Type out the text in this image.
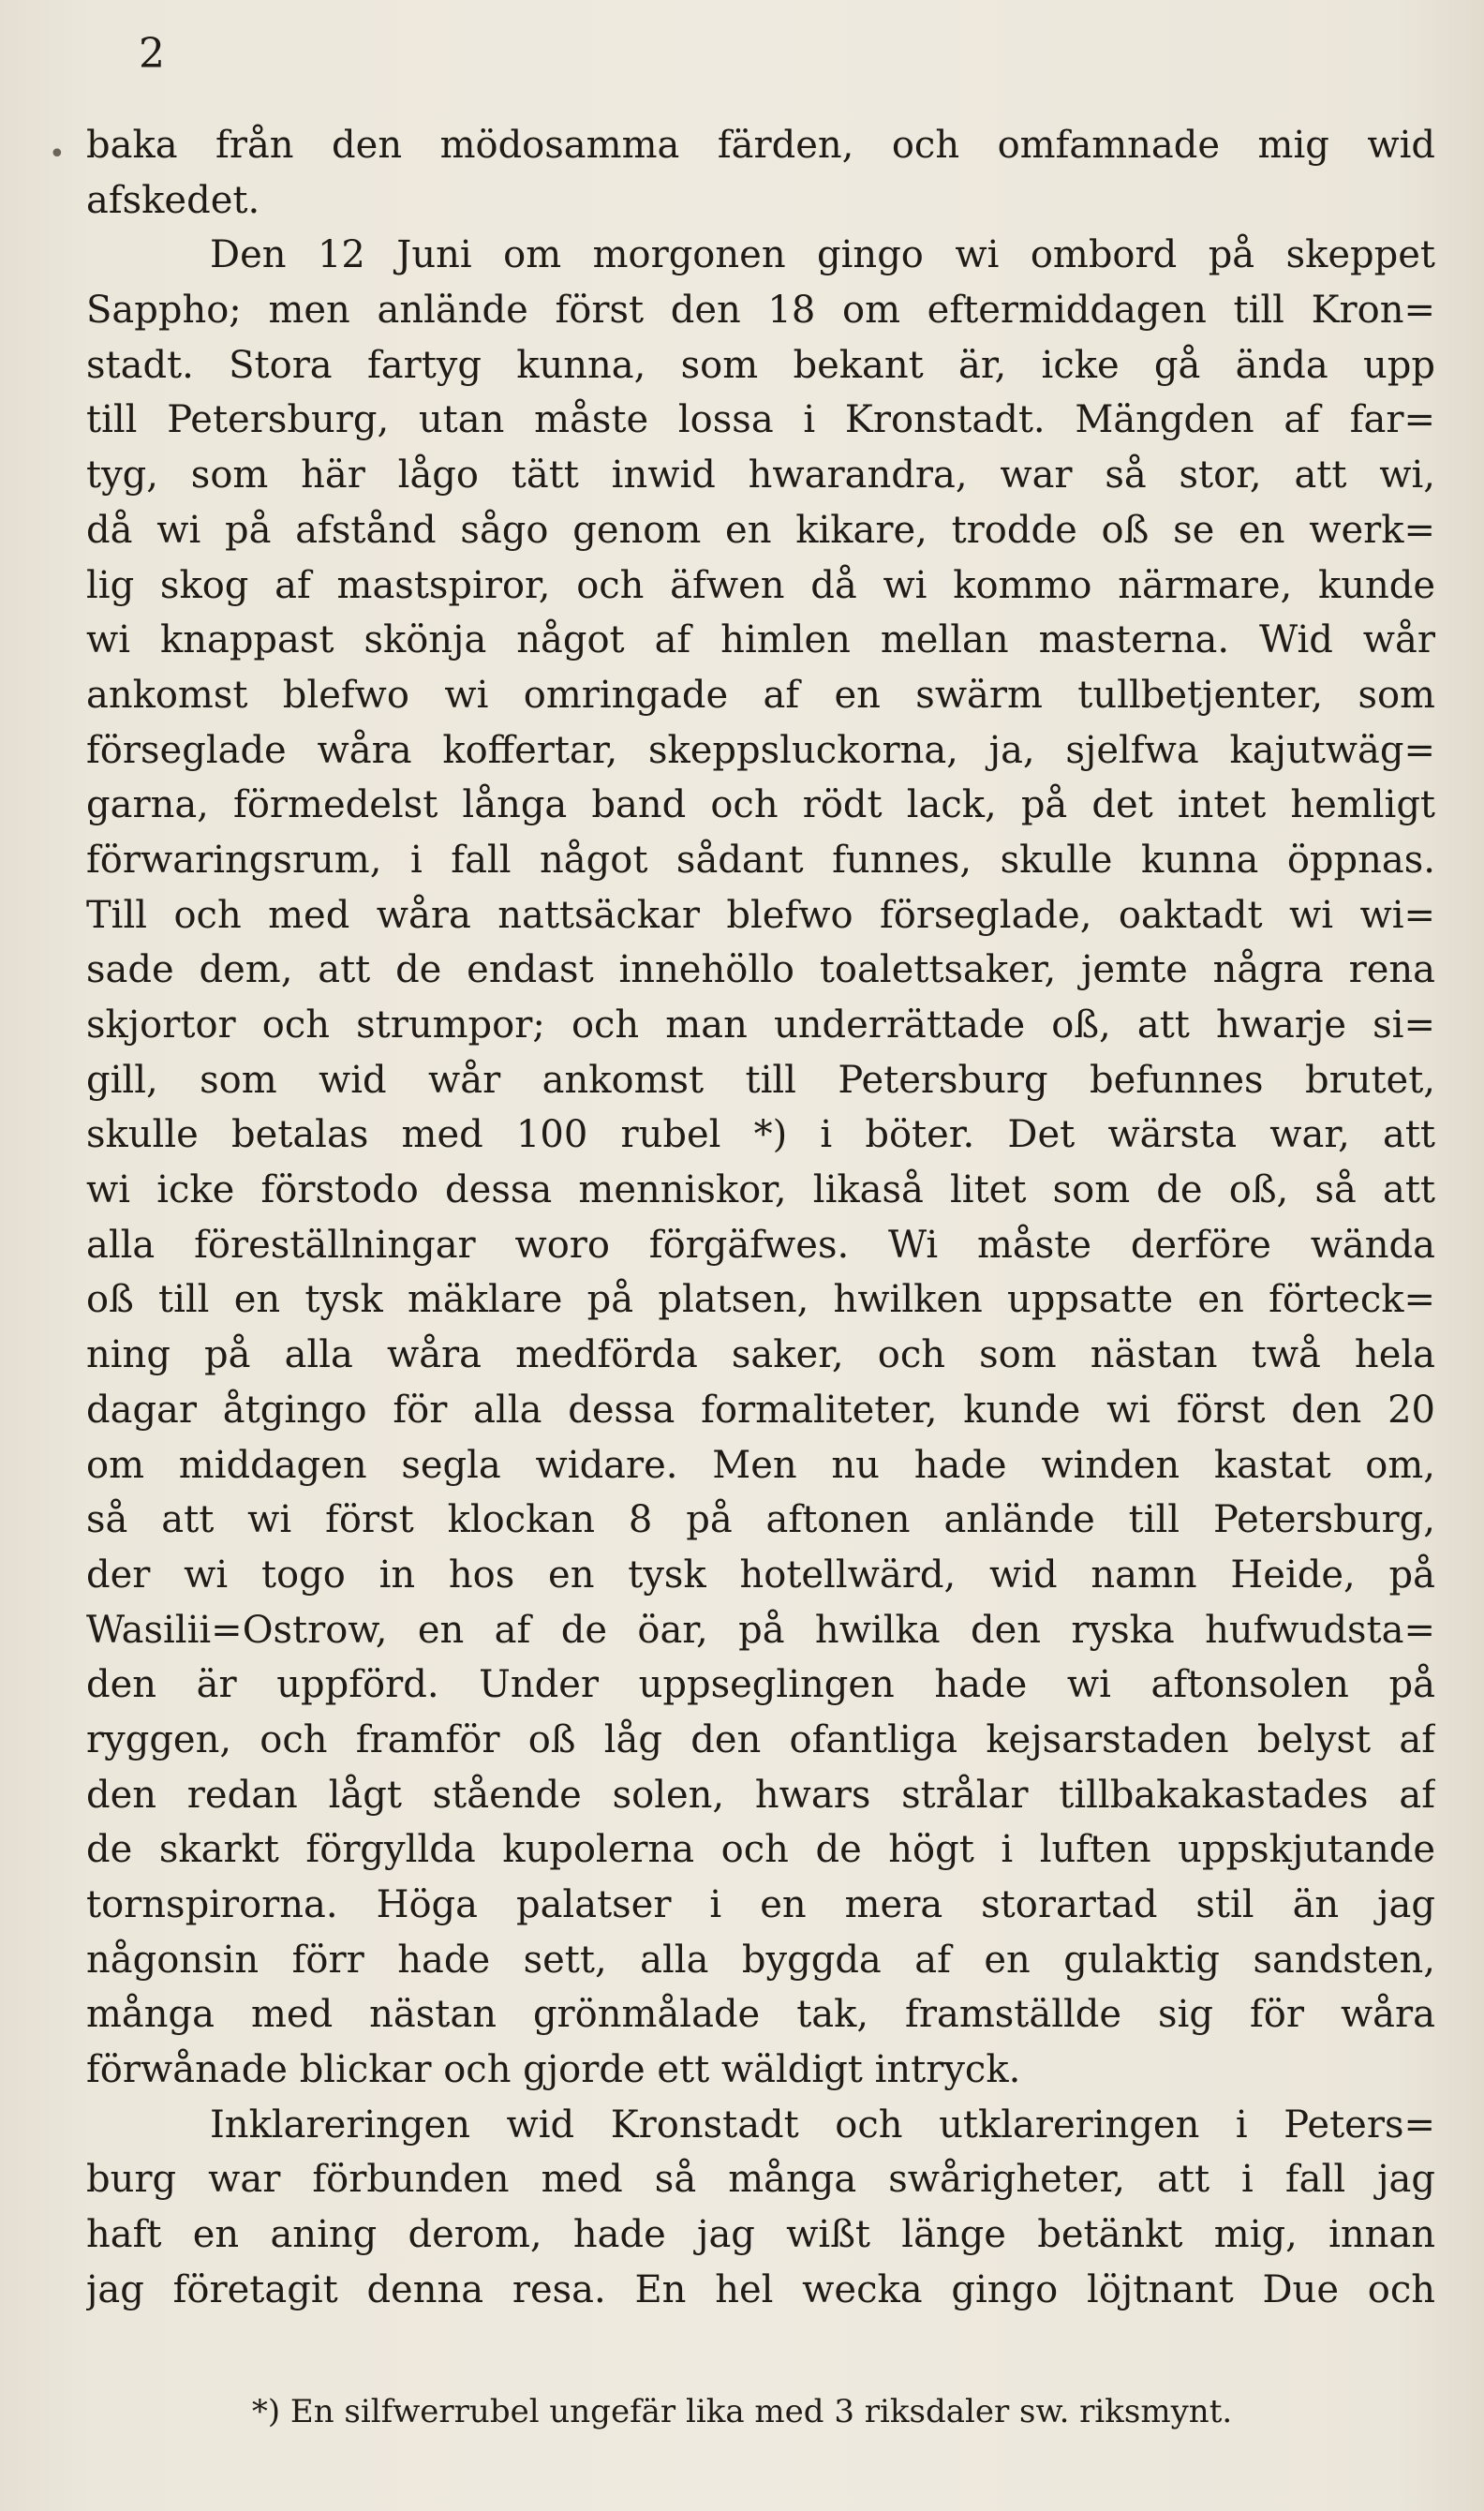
2
• baka från den mödosamma färden, och omfamnade mig wid
afskedet.
Den 12 Juni om morgonen gingo wi ombord på skeppet
Sappho; men anlände först den 18 om eftermiddagen till Kron=
stadt. Stora fartyg kunna, som bekant är, icke gå ända upp
till Petersburg, utan måste lossa i Kronstadt. Mängden af far=
tyg, som här lågo tätt inwid hwarandra, war så stor, att wi,
då wi på afstånd sågo genom en kikare, trodde oß se en werk=
lig skog af mastspiror, och äfwen då wi kommo närmare, kunde
wi knappast skönja något af himlen mellan masterna. Wid wår
ankomst blefwo wi omringade af en swärm tullbetjenter, som
förseglade wåra koffertar, skeppsluckorna, ja, sjelfwa kajutwäg=
garna, förmedelst långa band och rödt lack, på det intet hemligt
förwaringsrum, i fall något sådant funnes, skulle kunna öppnas.
Till och med wåra nattsäckar blefwo förseglade, oaktadt wi wi=
sade dem, att de endast innehöllo toalettsaker, jemte några rena
skjortor och strumpor; och man underrättade oß, att hwarje si=
gill, som wid wår ankomst till Petersburg befunnes brutet,
skulle betalas med 100 rubel *) i böter. Det wärsta war, att
wi icke förstodo dessa menniskor, likaså litet som de oß, så att
alla föreställningar woro förgäfwes. Wi måste derföre wända
oß till en tysk mäklare på platsen, hwilken uppsatte en förteck=
ning på alla wåra medförda saker, och som nästan twå hela
dagar åtgingo för alla dessa formaliteter, kunde wi först den 20
om middagen segla widare. Men nu hade winden kastat om,
så att wi först klockan 8 på aftonen anlände till Petersburg,
der wi togo in hos en tysk hotellwärd, wid namn Heide, på
Wasilii=Ostrow, en af de öar, på hwilka den ryska hufwudsta=
den är uppförd. Under uppseglingen hade wi aftonsolen på
ryggen, och framför oß låg den ofantliga kejsarstaden belyst af
den redan lågt stående solen, hwars strålar tillbakakastades af
de skarkt förgyllda kupolerna och de högt i luften uppskjutande
tornspirorna. Höga palatser i en mera storartad stil än jag
någonsin förr hade sett, alla byggda af en gulaktig sandsten,
många med nästan grönmålade tak, framställde sig för wåra
förwånade blickar och gjorde ett wäldigt intryck.
Inklareringen wid Kronstadt och utklareringen i Peters=
burg war förbunden med så många swårigheter, att i fall jag
haft en aning derom, hade jag wißt länge betänkt mig, innan
jag företagit denna resa. En hel wecka gingo löjtnant Due och
*) En silfwerrubel ungefär lika med 3 riksdaler sw. riksmynt.
